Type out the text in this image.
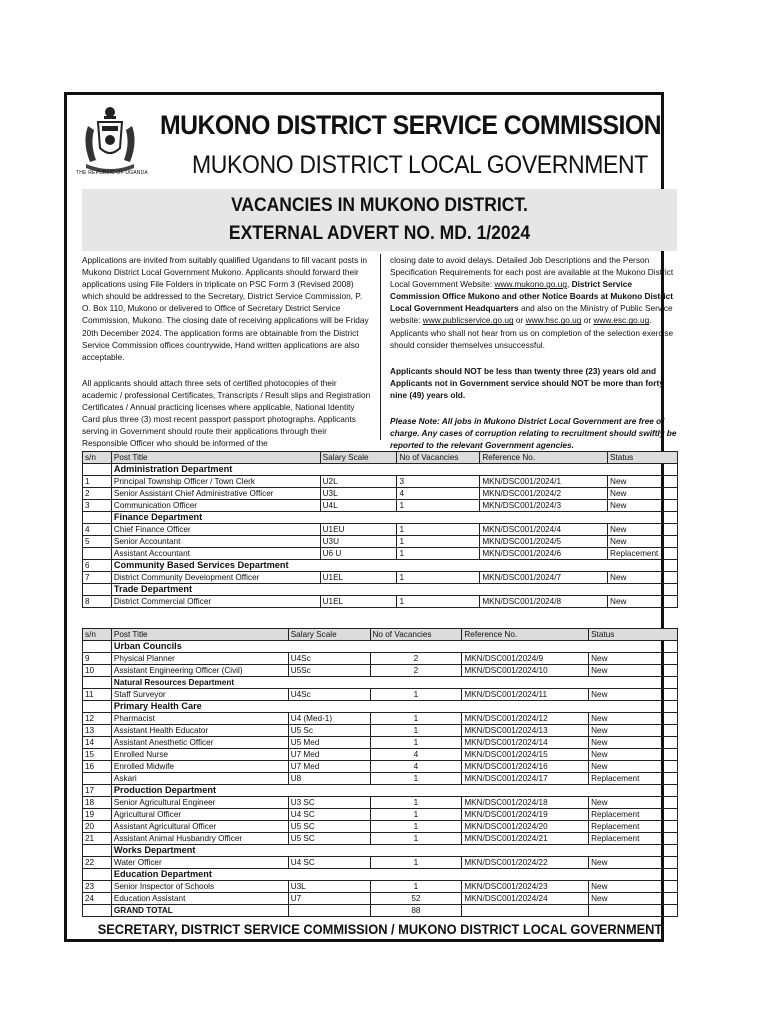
THE REPUBLIC OF UGANDA
MUKONO DISTRICT SERVICE COMMISSION
MUKONO DISTRICT LOCAL GOVERNMENT
VACANCIES IN MUKONO DISTRICT.
EXTERNAL ADVERT NO. MD. 1/2024

Applications are invited from suitably qualified Ugandans to fill vacant posts in Mukono District Local Government Mukono. Applicants should forward their applications using File Folders in triplicate on PSC Form 3 (Revised 2008) which should be addressed to the Secretary, District Service Commission, P. O. Box 110, Mukono or delivered to Office of Secretary District Service Commission, Mukono. The closing date of receiving applications will be Friday 20th December 2024. The application forms are obtainable from the District Service Commission offices countrywide, Hand written applications are also acceptable.

All applicants should attach three sets of certified photocopies of their academic / professional Certificates, Transcripts / Result slips and Registration Certificates / Annual practicing licenses where applicable, National Identity Card plus three (3) most recent passport passport photographs. Applicants serving in Government should route their applications through their Responsible Officer who should be informed of the

closing date to avoid delays. Detailed Job Descriptions and the Person Specification Requirements for each post are available at the Mukono District Local Government Website: www.mukono.go.ug, District Service Commission Office Mukono and other Notice Boards at Mukono District Local Government Headquarters and also on the Ministry of Public Service website: www.publicservice.go.ug or www.hsc.go.ug or www.esc.go.ug. Applicants who shall not hear from us on completion of the selection exercise should consider themselves unsuccessful.

Applicants should NOT be less than twenty three (23) years old and Applicants not in Government service should NOT be more than forty nine (49) years old.

Please Note: All jobs in Mukono District Local Government are free of charge. Any cases of corruption relating to recruitment should swiftly be reported to the relevant Government agencies.

s/n	Post Title	Salary Scale	No of Vacancies	Reference No.	Status
	Administration Department				
1	Principal Township Officer / Town Clerk	U2L	3	MKN/DSC001/2024/1	New
2	Senior Assistant Chief Administrative Officer	U3L	4	MKN/DSC001/2024/2	New
3	Communication Officer	U4L	1	MKN/DSC001/2024/3	New
	Finance Department				
4	Chief Finance Officer	U1EU	1	MKN/DSC001/2024/4	New
5	Senior Accountant	U3U	1	MKN/DSC001/2024/5	New
	Assistant Accountant	U6 U	1	MKN/DSC001/2024/6	Replacement
6	Community Based Services Department				
7	District Community Development Officer	U1EL	1	MKN/DSC001/2024/7	New
	Trade Department				
8	District Commercial Officer	U1EL	1	MKN/DSC001/2024/8	New
s/n	Post Title	Salary Scale	No of Vacancies	Reference No.	Status
	Urban Councils				
9	Physical Planner	U4Sc	2	MKN/DSC001/2024/9	New
10	Assistant Engineering Officer (Civil)	U5Sc	2	MKN/DSC001/2024/10	New
	Natural Resources Department				
11	Staff Surveyor	U4Sc	1	MKN/DSC001/2024/11	New
	Primary Health Care				
12	Pharmacist	U4 (Med-1)	1	MKN/DSC001/2024/12	New
13	Assistant Health Educator	U5 Sc	1	MKN/DSC001/2024/13	New
14	Assistant Anesthetic Officer	U5 Med	1	MKN/DSC001/2024/14	New
15	Enrolled Nurse	U7 Med	4	MKN/DSC001/2024/15	New
16	Enrolled Midwife	U7 Med	4	MKN/DSC001/2024/16	New
	Askari	U8	1	MKN/DSC001/2024/17	Replacement
17	Production Department				
18	Senior Agricultural Engineer	U3 SC	1	MKN/DSC001/2024/18	New
19	Agricultural Officer	U4 SC	1	MKN/DSC001/2024/19	Replacement
20	Assistant Agricultural Officer	U5 SC	1	MKN/DSC001/2024/20	Replacement
21	Assistant Animal Husbandry Officer	U5 SC	1	MKN/DSC001/2024/21	Replacement
	Works Department				
22	Water Officer	U4 SC	1	MKN/DSC001/2024/22	New
	Education Department				
23	Senior Inspector of Schools	U3L	1	MKN/DSC001/2024/23	New
24	Education Assistant	U7	52	MKN/DSC001/2024/24	New
	GRAND TOTAL		88		
SECRETARY, DISTRICT SERVICE COMMISSION / MUKONO DISTRICT LOCAL GOVERNMENT
